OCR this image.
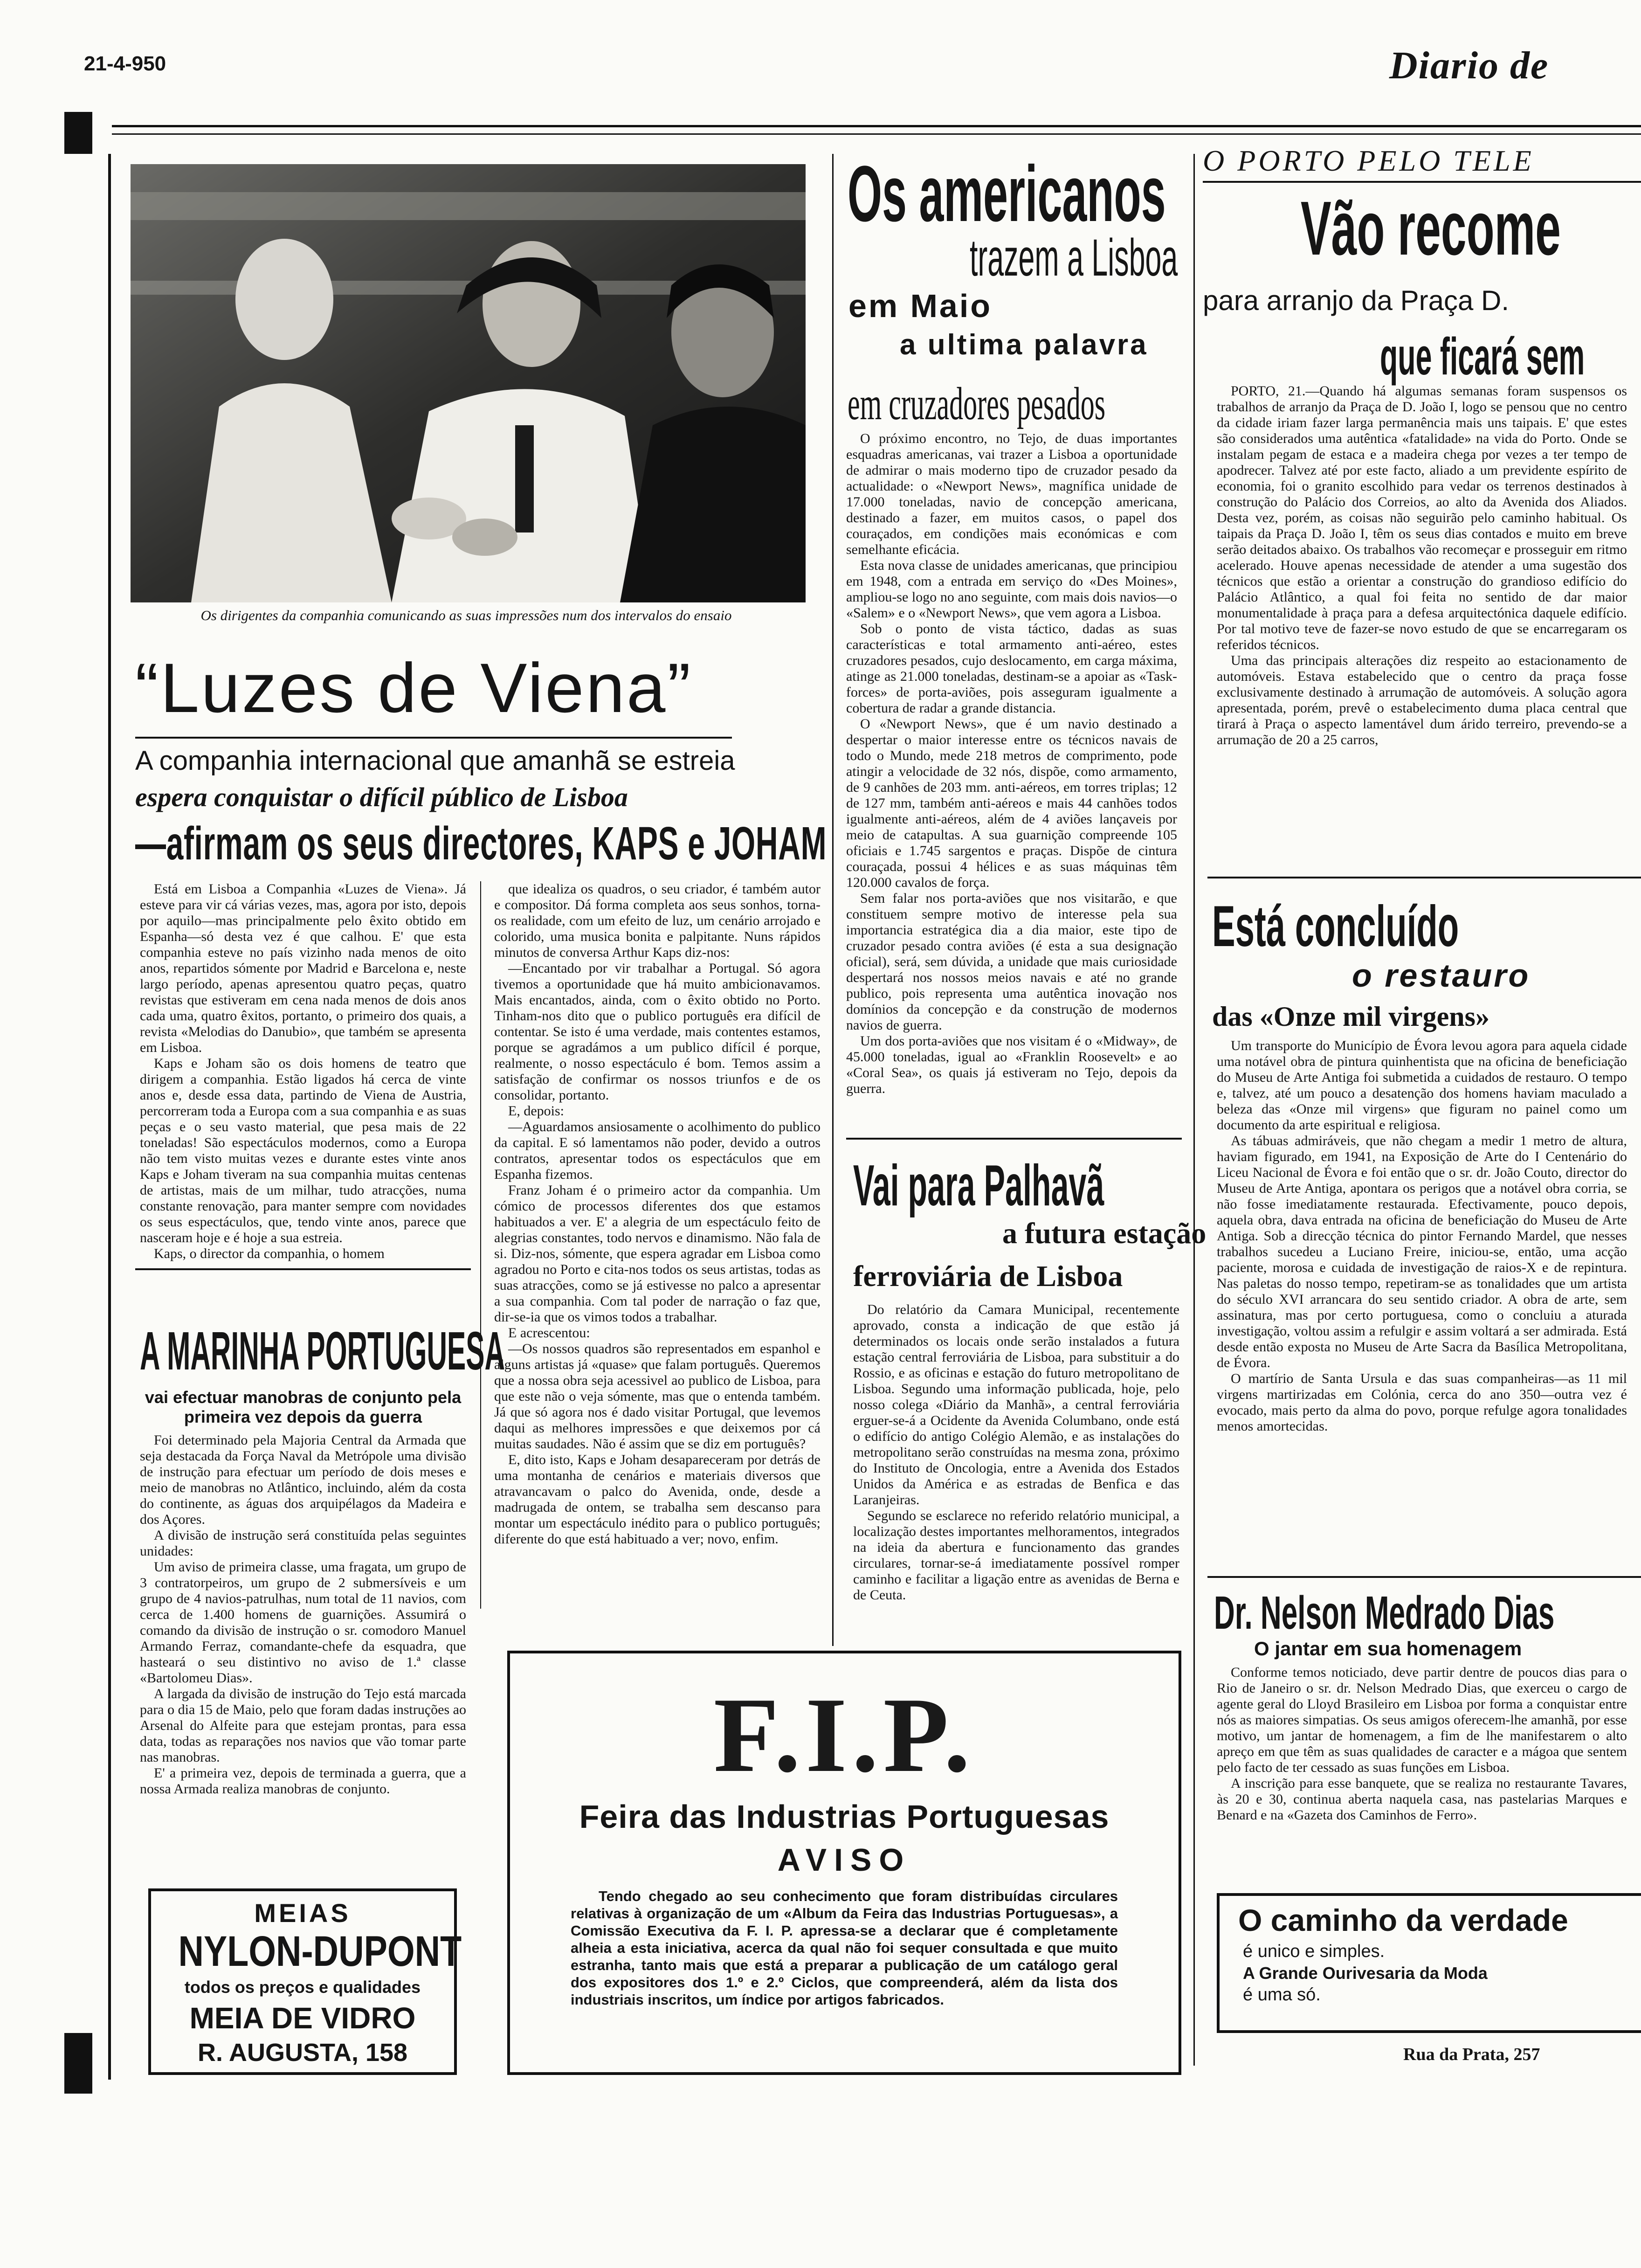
21-4-950	Diario de
Os dirigentes da companhia comunicando as suas impressões num dos intervalos do ensaio
“Luzes de Viena”
A companhia internacional que amanhã se estreia
espera conquistar o difícil público de Lisboa
—afirmam os seus directores, KAPS e JOHAM

Está em Lisboa a Companhia «Luzes de Viena». Já esteve para vir cá várias vezes, mas, agora por isto, depois por aquilo—mas principalmente pelo êxito obtido em Espanha—só desta vez é que calhou. E' que esta companhia esteve no país vizinho nada menos de oito anos, repartidos sómente por Madrid e Barcelona e, neste largo período, apenas apresentou quatro peças, quatro revistas que estiveram em cena nada menos de dois anos cada uma, quatro êxitos, portanto, o primeiro dos quais, a revista «Melodias do Danubio», que também se apresenta em Lisboa.

Kaps e Joham são os dois homens de teatro que dirigem a companhia. Estão ligados há cerca de vinte anos e, desde essa data, partindo de Viena de Austria, percorreram toda a Europa com a sua companhia e as suas peças e o seu vasto material, que pesa mais de 22 toneladas! São espectáculos modernos, como a Europa não tem visto muitas vezes e durante estes vinte anos Kaps e Joham tiveram na sua companhia muitas centenas de artistas, mais de um milhar, tudo atracções, numa constante renovação, para manter sempre com novidades os seus espectáculos, que, tendo vinte anos, parece que nasceram hoje e é hoje a sua estreia.

Kaps, o director da companhia, o homem

que idealiza os quadros, o seu criador, é também autor e compositor. Dá forma completa aos seus sonhos, torna-os realidade, com um efeito de luz, um cenário arrojado e colorido, uma musica bonita e palpitante. Nuns rápidos minutos de conversa Arthur Kaps diz-nos:

—Encantado por vir trabalhar a Portugal. Só agora tivemos a oportunidade que há muito ambicionavamos. Mais encantados, ainda, com o êxito obtido no Porto. Tinham-nos dito que o publico português era difícil de contentar. Se isto é uma verdade, mais contentes estamos, porque se agradámos a um publico difícil é porque, realmente, o nosso espectáculo é bom. Temos assim a satisfação de confirmar os nossos triunfos e de os consolidar, portanto.

E, depois:

—Aguardamos ansiosamente o acolhimento do publico da capital. E só lamentamos não poder, devido a outros contratos, apresentar todos os espectáculos que em Espanha fizemos.

Franz Joham é o primeiro actor da companhia. Um cómico de processos diferentes dos que estamos habituados a ver. E' a alegria de um espectáculo feito de alegrias constantes, todo nervos e dinamismo. Não fala de si. Diz-nos, sómente, que espera agradar em Lisboa como agradou no Porto e cita-nos todos os seus artistas, todas as suas atracções, como se já estivesse no palco a apresentar a sua companhia. Com tal poder de narração o faz que, dir-se-ia que os vimos todos a trabalhar.

E acrescentou:

—Os nossos quadros são representados em espanhol e alguns artistas já «quase» que falam português. Queremos que a nossa obra seja acessivel ao publico de Lisboa, para que este não o veja sómente, mas que o entenda também. Já que só agora nos é dado visitar Portugal, que levemos daqui as melhores impressões e que deixemos por cá muitas saudades. Não é assim que se diz em português?

E, dito isto, Kaps e Joham desapareceram por detrás de uma montanha de cenários e materiais diversos que atravancavam o palco do Avenida, onde, desde a madrugada de ontem, se trabalha sem descanso para montar um espectáculo inédito para o publico português; diferente do que está habituado a ver; novo, enfim.

A MARINHA PORTUGUESA
vai efectuar manobras de conjunto pela primeira vez depois da guerra

Foi determinado pela Majoria Central da Armada que seja destacada da Força Naval da Metrópole uma divisão de instrução para efectuar um período de dois meses e meio de manobras no Atlântico, incluindo, além da costa do continente, as águas dos arquipélagos da Madeira e dos Açores.

A divisão de instrução será constituída pelas seguintes unidades:

Um aviso de primeira classe, uma fragata, um grupo de 3 contratorpeiros, um grupo de 2 submersíveis e um grupo de 4 navios-patrulhas, num total de 11 navios, com cerca de 1.400 homens de guarnições. Assumirá o comando da divisão de instrução o sr. comodoro Manuel Armando Ferraz, comandante-chefe da esquadra, que hasteará o seu distintivo no aviso de 1.ª classe «Bartolomeu Dias».

A largada da divisão de instrução do Tejo está marcada para o dia 15 de Maio, pelo que foram dadas instruções ao Arsenal do Alfeite para que estejam prontas, para essa data, todas as reparações nos navios que vão tomar parte nas manobras.

E' a primeira vez, depois de terminada a guerra, que a nossa Armada realiza manobras de conjunto.

MEIAS
NYLON-DUPONT
todos os preços e qualidades
MEIA DE VIDRO
R. AUGUSTA, 158
Os americanos
trazem a Lisboa
em Maio
a ultima palavra
em cruzadores pesados

O próximo encontro, no Tejo, de duas importantes esquadras americanas, vai trazer a Lisboa a oportunidade de admirar o mais moderno tipo de cruzador pesado da actualidade: o «Newport News», magnífica unidade de 17.000 toneladas, navio de concepção americana, destinado a fazer, em muitos casos, o papel dos couraçados, em condições mais económicas e com semelhante eficácia.

Esta nova classe de unidades americanas, que principiou em 1948, com a entrada em serviço do «Des Moines», ampliou-se logo no ano seguinte, com mais dois navios—o «Salem» e o «Newport News», que vem agora a Lisboa.

Sob o ponto de vista táctico, dadas as suas características e total armamento anti-aéreo, estes cruzadores pesados, cujo deslocamento, em carga máxima, atinge as 21.000 toneladas, destinam-se a apoiar as «Task-forces» de porta-aviões, pois asseguram igualmente a cobertura de radar a grande distancia.

O «Newport News», que é um navio destinado a despertar o maior interesse entre os técnicos navais de todo o Mundo, mede 218 metros de comprimento, pode atingir a velocidade de 32 nós, dispõe, como armamento, de 9 canhões de 203 mm. anti-aéreos, em torres triplas; 12 de 127 mm, também anti-aéreos e mais 44 canhões todos igualmente anti-aéreos, além de 4 aviões lançaveis por meio de catapultas. A sua guarnição compreende 105 oficiais e 1.745 sargentos e praças. Dispõe de cintura couraçada, possui 4 hélices e as suas máquinas têm 120.000 cavalos de força.

Sem falar nos porta-aviões que nos visitarão, e que constituem sempre motivo de interesse pela sua importancia estratégica dia a dia maior, este tipo de cruzador pesado contra aviões (é esta a sua designação oficial), será, sem dúvida, a unidade que mais curiosidade despertará nos nossos meios navais e até no grande publico, pois representa uma autêntica inovação nos domínios da concepção e da construção de modernos navios de guerra.

Um dos porta-aviões que nos visitam é o «Midway», de 45.000 toneladas, igual ao «Franklin Roosevelt» e ao «Coral Sea», os quais já estiveram no Tejo, depois da guerra.

Vai para Palhavã
a futura estação
ferroviária de Lisboa

Do relatório da Camara Municipal, recentemente aprovado, consta a indicação de que estão já determinados os locais onde serão instalados a futura estação central ferroviária de Lisboa, para substituir a do Rossio, e as oficinas e estação do futuro metropolitano de Lisboa. Segundo uma informação publicada, hoje, pelo nosso colega «Diário da Manhã», a central ferroviária erguer-se-á a Ocidente da Avenida Columbano, onde está o edifício do antigo Colégio Alemão, e as instalações do metropolitano serão construídas na mesma zona, próximo do Instituto de Oncologia, entre a Avenida dos Estados Unidos da América e as estradas de Benfica e das Laranjeiras.

Segundo se esclarece no referido relatório municipal, a localização destes importantes melhoramentos, integrados na ideia da abertura e funcionamento das grandes circulares, tornar-se-á imediatamente possível romper caminho e facilitar a ligação entre as avenidas de Berna e de Ceuta.

F.I.P.
Feira das Industrias Portuguesas
AVISO
Tendo chegado ao seu conhecimento que foram distribuídas circulares relativas à organização de um «Album da Feira das Industrias Portuguesas», a Comissão Executiva da F. I. P. apressa-se a declarar que é completamente alheia a esta iniciativa, acerca da qual não foi sequer consultada e que muito estranha, tanto mais que está a preparar a publicação de um catálogo geral dos expositores dos 1.º e 2.º Ciclos, que compreenderá, além da lista dos industriais inscritos, um índice por artigos fabricados.
O PORTO PELO TELE
Vão recome
para arranjo da Praça D.
que ficará sem

PORTO, 21.—Quando há algumas semanas foram suspensos os trabalhos de arranjo da Praça de D. João I, logo se pensou que no centro da cidade iriam fazer larga permanência mais uns taipais. E' que estes são considerados uma autêntica «fatalidade» na vida do Porto. Onde se instalam pegam de estaca e a madeira chega por vezes a ter tempo de apodrecer. Talvez até por este facto, aliado a um previdente espírito de economia, foi o granito escolhido para vedar os terrenos destinados à construção do Palácio dos Correios, ao alto da Avenida dos Aliados. Desta vez, porém, as coisas não seguirão pelo caminho habitual. Os taipais da Praça D. João I, têm os seus dias contados e muito em breve serão deitados abaixo. Os trabalhos vão recomeçar e prosseguir em ritmo acelerado. Houve apenas necessidade de atender a uma sugestão dos técnicos que estão a orientar a construção do grandioso edifício do Palácio Atlântico, a qual foi feita no sentido de dar maior monumentalidade à praça para a defesa arquitectónica daquele edifício. Por tal motivo teve de fazer-se novo estudo de que se encarregaram os referidos técnicos.

Uma das principais alterações diz respeito ao estacionamento de automóveis. Estava estabelecido que o centro da praça fosse exclusivamente destinado à arrumação de automóveis. A solução agora apresentada, porém, prevê o estabelecimento duma placa central que tirará à Praça o aspecto lamentável dum árido terreiro, prevendo-se a arrumação de 20 a 25 carros,

Está concluído
o restauro
das «Onze mil virgens»

Um transporte do Município de Évora levou agora para aquela cidade uma notável obra de pintura quinhentista que na oficina de beneficiação do Museu de Arte Antiga foi submetida a cuidados de restauro. O tempo e, talvez, até um pouco a desatenção dos homens haviam maculado a beleza das «Onze mil virgens» que figuram no painel como um documento da arte espiritual e religiosa.

As tábuas admiráveis, que não chegam a medir 1 metro de altura, haviam figurado, em 1941, na Exposição de Arte do I Centenário do Liceu Nacional de Évora e foi então que o sr. dr. João Couto, director do Museu de Arte Antiga, apontara os perigos que a notável obra corria, se não fosse imediatamente restaurada. Efectivamente, pouco depois, aquela obra, dava entrada na oficina de beneficiação do Museu de Arte Antiga. Sob a direcção técnica do pintor Fernando Mardel, que nesses trabalhos sucedeu a Luciano Freire, iniciou-se, então, uma acção paciente, morosa e cuidada de investigação de raios-X e de repintura. Nas paletas do nosso tempo, repetiram-se as tonalidades que um artista do século XVI arrancara do seu sentido criador. A obra de arte, sem assinatura, mas por certo portuguesa, como o concluiu a aturada investigação, voltou assim a refulgir e assim voltará a ser admirada. Está desde então exposta no Museu de Arte Sacra da Basílica Metropolitana, de Évora.

O martírio de Santa Ursula e das suas companheiras—as 11 mil virgens martirizadas em Colónia, cerca do ano 350—outra vez é evocado, mais perto da alma do povo, porque refulge agora tonalidades menos amortecidas.

Dr. Nelson Medrado Dias
O jantar em sua homenagem

Conforme temos noticiado, deve partir dentre de poucos dias para o Rio de Janeiro o sr. dr. Nelson Medrado Dias, que exerceu o cargo de agente geral do Lloyd Brasileiro em Lisboa por forma a conquistar entre nós as maiores simpatias. Os seus amigos oferecem-lhe amanhã, por esse motivo, um jantar de homenagem, a fim de lhe manifestarem o alto apreço em que têm as suas qualidades de caracter e a mágoa que sentem pelo facto de ter cessado as suas funções em Lisboa.

A inscrição para esse banquete, que se realiza no restaurante Tavares, às 20 e 30, continua aberta naquela casa, nas pastelarias Marques e Benard e na «Gazeta dos Caminhos de Ferro».

O caminho da verdade
é unico e simples.
A Grande Ourivesaria da Moda
é uma só.
Rua da Prata, 257
